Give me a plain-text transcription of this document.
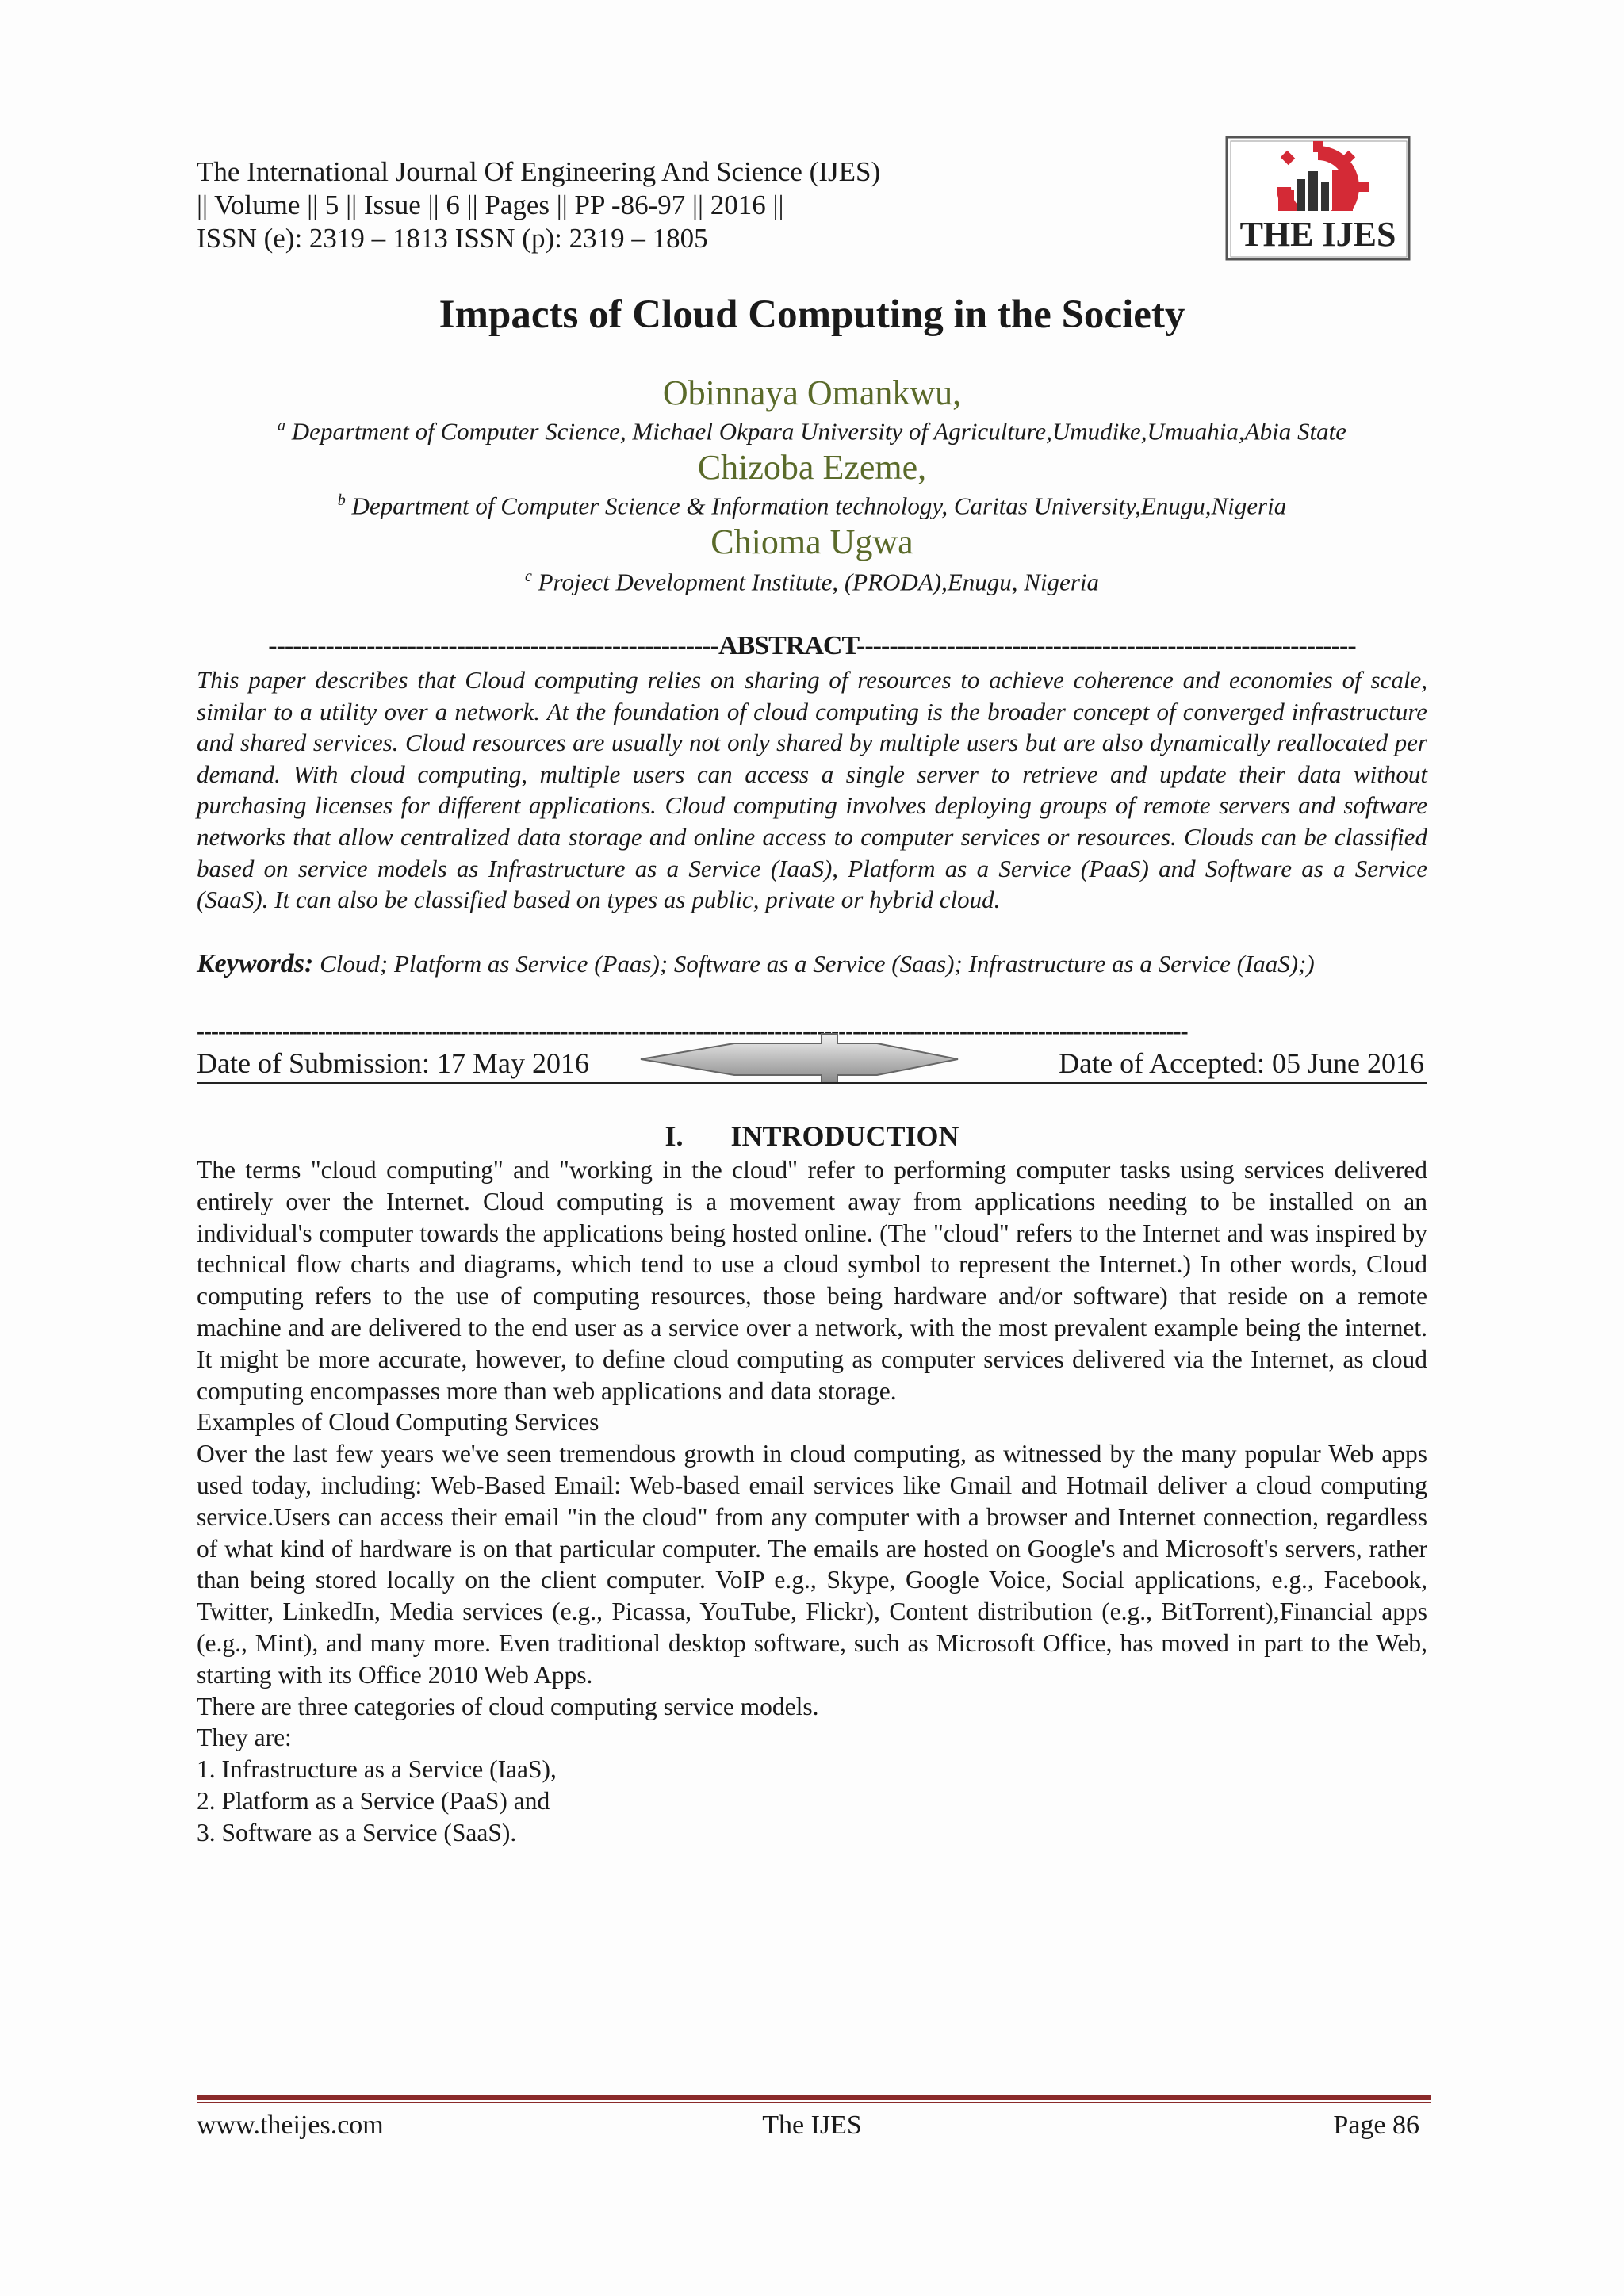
The International Journal Of Engineering And Science (IJES)
|| Volume || 5 || Issue || 6 || Pages || PP -86-97 || 2016 ||
ISSN (e): 2319 – 1813 ISSN (p): 2319 – 1805	THE IJES
Impacts of Cloud Computing in the Society
Obinnaya Omankwu,
$^a$ Department of Computer Science, Michael Okpara University of Agriculture,Umudike,Umuahia,Abia State
Chizoba Ezeme,
$^b$ Department of Computer Science & Information technology, Caritas University,Enugu,Nigeria
Chioma Ugwa
$^c$ Project Development Institute, (PRODA),Enugu, Nigeria
-------------------------------------------------------ABSTRACT-------------------------------------------------------------
This paper describes that Cloud computing relies on sharing of resources to achieve coherence and economies of scale, similar to a utility over a network. At the foundation of cloud computing is the broader concept of converged infrastructure and shared services. Cloud resources are usually not only shared by multiple users but are also dynamically reallocated per demand. With cloud computing, multiple users can access a single server to retrieve and update their data without purchasing licenses for different applications. Cloud computing involves deploying groups of remote servers and software networks that allow centralized data storage and online access to computer services or resources. Clouds can be classified based on service models as Infrastructure as a Service (IaaS), Platform as a Service (PaaS) and Software as a Service (SaaS). It can also be classified based on types as public, private or hybrid cloud.
Keywords: Cloud; Platform as Service (Paas); Software as a Service (Saas); Infrastructure as a Service (IaaS);)
-------------------------------------------------------------------------------------------------------------------------------------------
Date of Submission: 17 May 2016	Date of Accepted: 05 June 2016
I. INTRODUCTION

The terms "cloud computing" and "working in the cloud" refer to performing computer tasks using services delivered entirely over the Internet. Cloud computing is a movement away from applications needing to be installed on an individual's computer towards the applications being hosted online. (The "cloud" refers to the Internet and was inspired by technical flow charts and diagrams, which tend to use a cloud symbol to represent the Internet.) In other words, Cloud computing refers to the use of computing resources, those being hardware and/or software) that reside on a remote machine and are delivered to the end user as a service over a network, with the most prevalent example being the internet. It might be more accurate, however, to define cloud computing as computer services delivered via the Internet, as cloud computing encompasses more than web applications and data storage.

Examples of Cloud Computing Services

Over the last few years we've seen tremendous growth in cloud computing, as witnessed by the many popular Web apps used today, including: Web-Based Email: Web-based email services like Gmail and Hotmail deliver a cloud computing service.Users can access their email "in the cloud" from any computer with a browser and Internet connection, regardless of what kind of hardware is on that particular computer. The emails are hosted on Google's and Microsoft's servers, rather than being stored locally on the client computer. VoIP e.g., Skype, Google Voice, Social applications, e.g., Facebook, Twitter, LinkedIn, Media services (e.g., Picassa, YouTube, Flickr), Content distribution (e.g., BitTorrent),Financial apps (e.g., Mint), and many more. Even traditional desktop software, such as Microsoft Office, has moved in part to the Web, starting with its Office 2010 Web Apps.

There are three categories of cloud computing service models.

They are:

1. Infrastructure as a Service (IaaS),

2. Platform as a Service (PaaS) and

3. Software as a Service (SaaS).

www.theijes.com	The IJES	Page 86
